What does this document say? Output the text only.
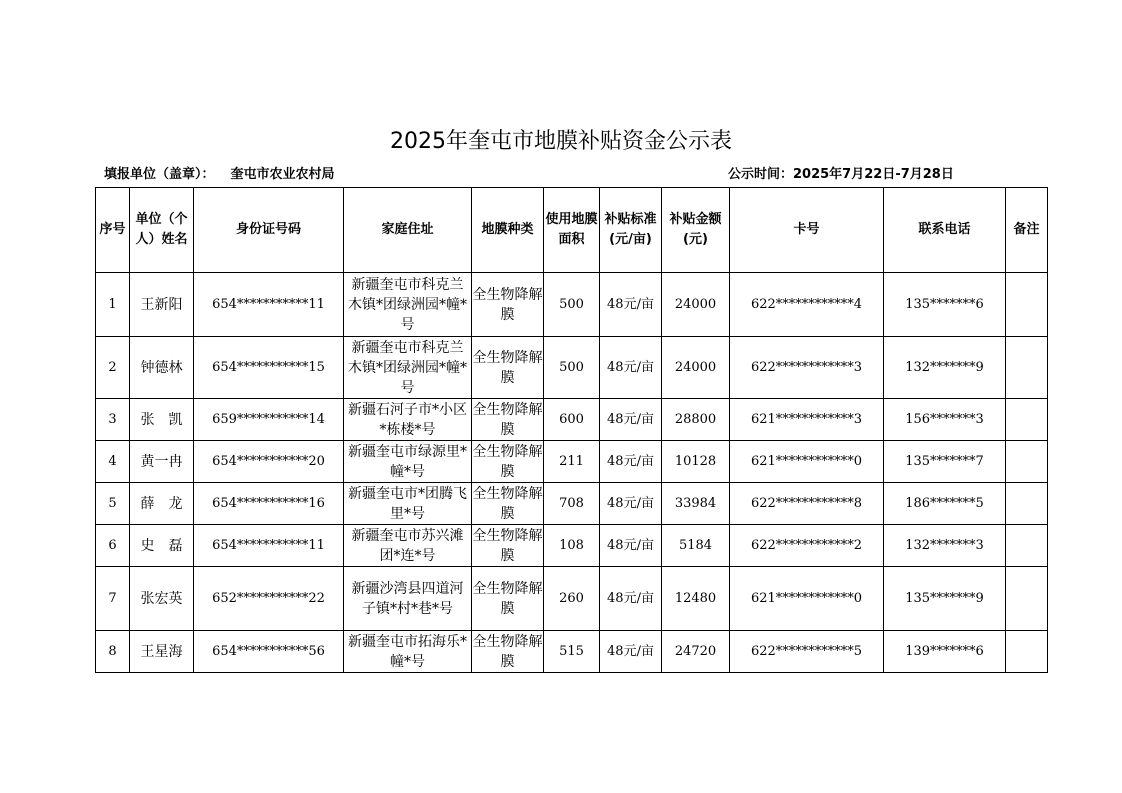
2025年奎屯市地膜补贴资金公示表
填报单位（盖章）： 奎屯市农业农村局	公示时间：2025年7月22日-7月28日
序号	单位（个人）姓名	身份证号码	家庭住址	地膜种类	使用地膜面积	补贴标准(元/亩)	补贴金额(元)	卡号	联系电话	备注
1	王新阳	654***********11	新疆奎屯市科克兰木镇*团绿洲园*幢*号	全生物降解膜	500	48元/亩	24000	622************4	135*******6	
2	钟德林	654***********15	新疆奎屯市科克兰木镇*团绿洲园*幢*号	全生物降解膜	500	48元/亩	24000	622************3	132*******9	
3	张　凯	659***********14	新疆石河子市*小区*栋楼*号	全生物降解膜	600	48元/亩	28800	621************3	156*******3	
4	黄一冉	654***********20	新疆奎屯市绿源里*幢*号	全生物降解膜	211	48元/亩	10128	621************0	135*******7	
5	薛　龙	654***********16	新疆奎屯市*团腾飞里*号	全生物降解膜	708	48元/亩	33984	622************8	186*******5	
6	史　磊	654***********11	新疆奎屯市苏兴滩团*连*号	全生物降解膜	108	48元/亩	5184	622************2	132*******3	
7	张宏英	652***********22	新疆沙湾县四道河子镇*村*巷*号	全生物降解膜	260	48元/亩	12480	621************0	135*******9	
8	王星海	654***********56	新疆奎屯市拓海乐*幢*号	全生物降解膜	515	48元/亩	24720	622************5	139*******6	
